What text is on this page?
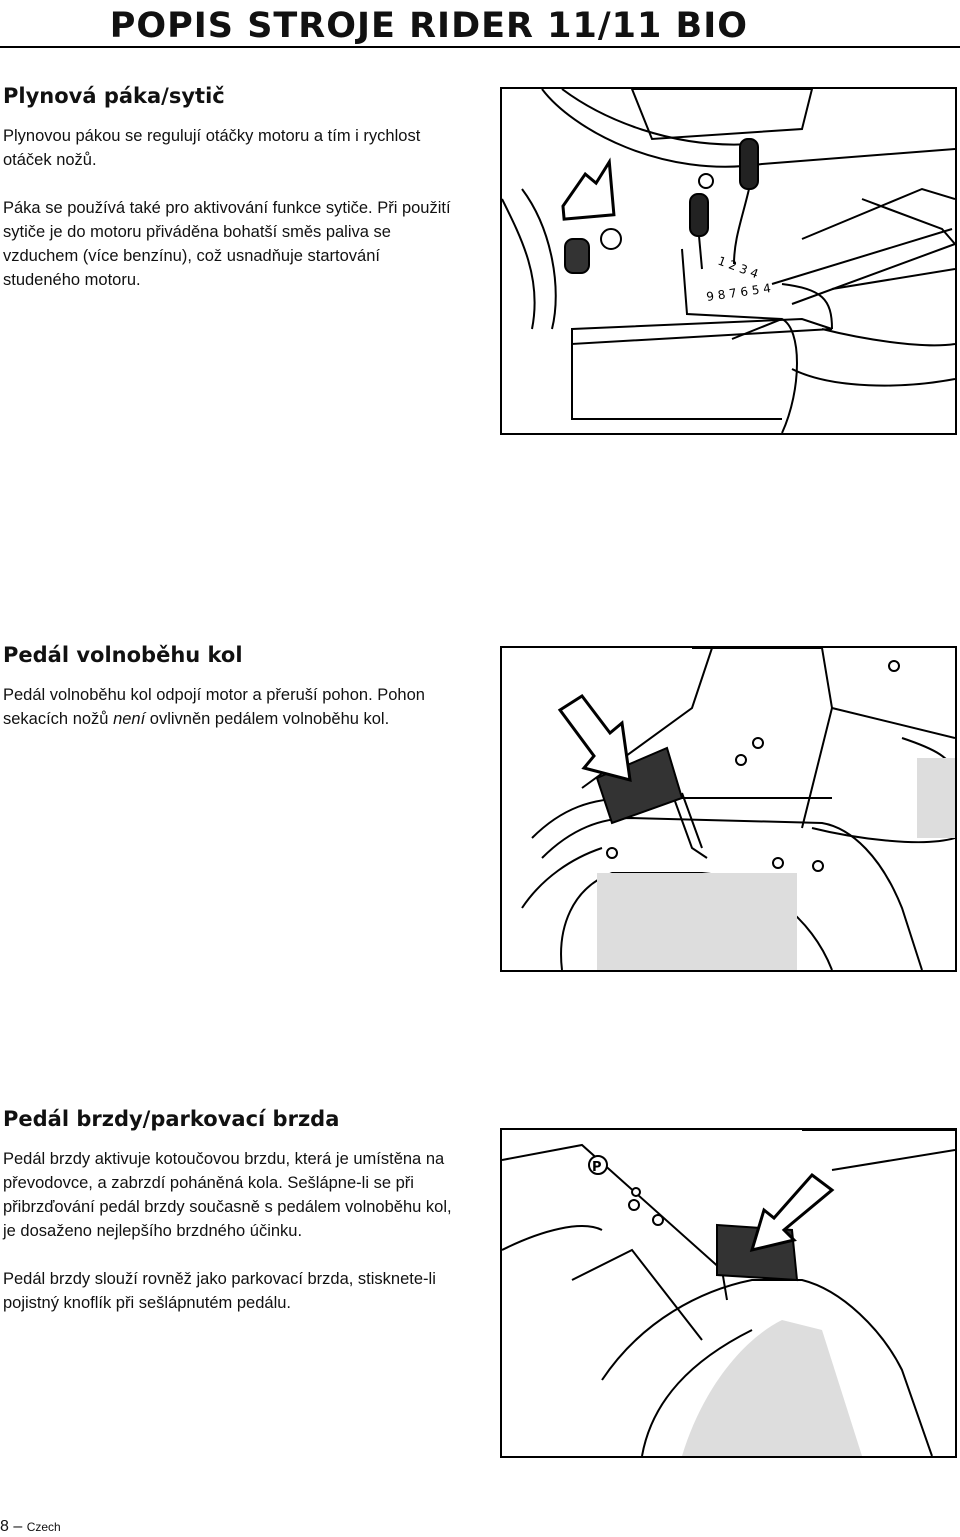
POPIS STROJE RIDER 11/11 BIO
Plynová páka/sytič

Plynovou pákou se regulují otáčky motoru a tím i rychlost otáček nožů.

Páka se používá také pro aktivování funkce sytiče. Při použití sytiče je do motoru přiváděna bohatší směs paliva se vzduchem (více benzínu), což usnadňuje startování studeného motoru.

Pedál volnoběhu kol

Pedál volnoběhu kol odpojí motor a přeruší pohon. Pohon sekacích nožů není ovlivněn pedálem volnoběhu kol.

Pedál brzdy/parkovací brzda

Pedál brzdy aktivuje kotoučovou brzdu, která je umístěna na převodovce, a zabrzdí poháněná kola. Sešlápne-li se při přibrzďování pedál brzdy současně s pedálem volnoběhu kol, je dosaženo nejlepšího brzdného účinku.

Pedál brzdy slouží rovněž jako parkovací brzda, stisknete-li pojistný knoflík při sešlápnutém pedálu.

1 2 3 4
9 8 7 6 5 4
P
8 – Czech
